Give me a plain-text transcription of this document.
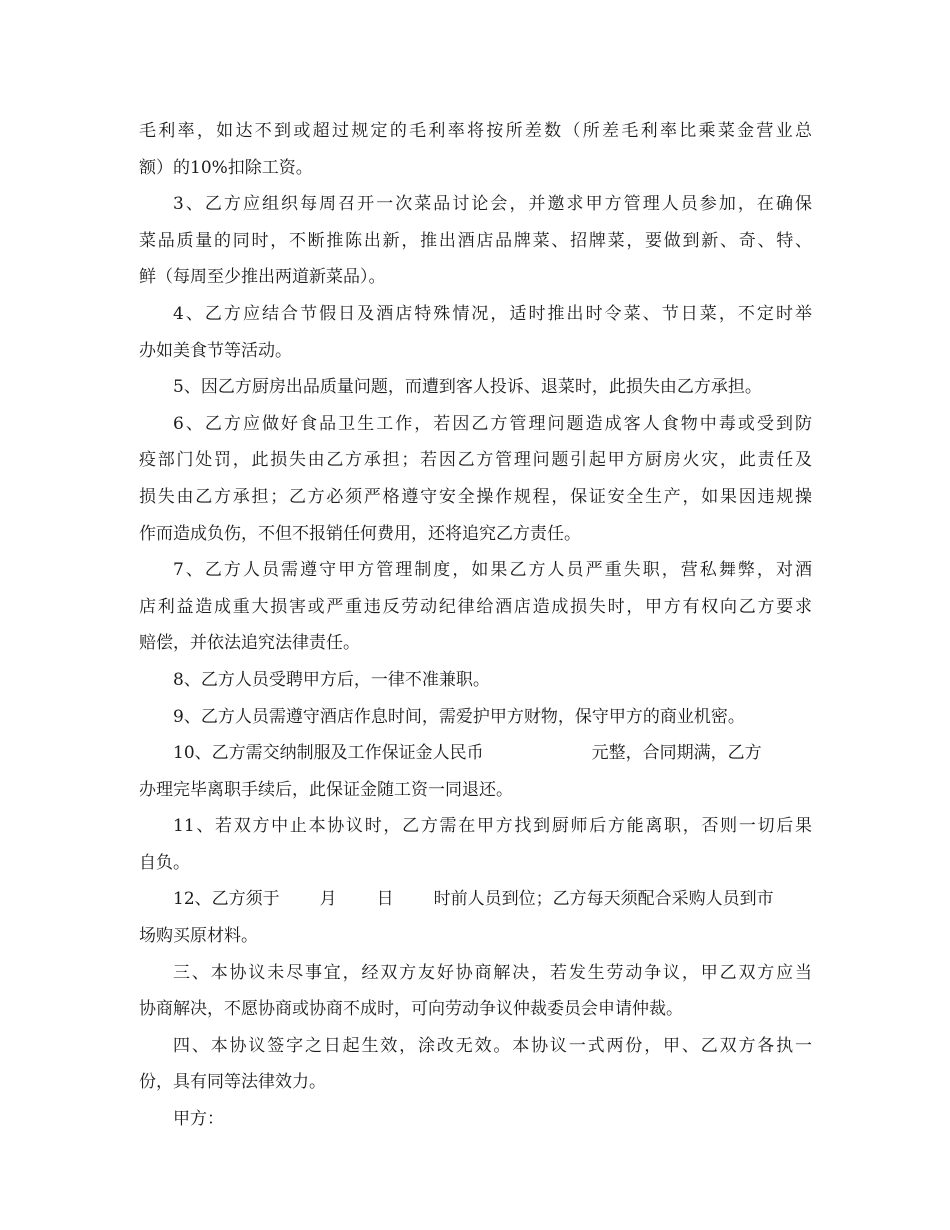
毛利率，如达不到或超过规定的毛利率将按所差数（所差毛利率比乘菜金营业总
额）的10%扣除工资。
3、乙方应组织每周召开一次菜品讨论会，并邀求甲方管理人员参加，在确保
菜品质量的同时，不断推陈出新，推出酒店品牌菜、招牌菜，要做到新、奇、特、
鲜（每周至少推出两道新菜品）。
4、乙方应结合节假日及酒店特殊情况，适时推出时令菜、节日菜，不定时举
办如美食节等活动。
5、因乙方厨房出品质量问题，而遭到客人投诉、退菜时，此损失由乙方承担。
6、乙方应做好食品卫生工作，若因乙方管理问题造成客人食物中毒或受到防
疫部门处罚，此损失由乙方承担；若因乙方管理问题引起甲方厨房火灾，此责任及
损失由乙方承担；乙方必须严格遵守安全操作规程，保证安全生产，如果因违规操
作而造成负伤，不但不报销任何费用，还将追究乙方责任。
7、乙方人员需遵守甲方管理制度，如果乙方人员严重失职，营私舞弊，对酒
店利益造成重大损害或严重违反劳动纪律给酒店造成损失时，甲方有权向乙方要求
赔偿，并依法追究法律责任。
8、乙方人员受聘甲方后，一律不准兼职。
9、乙方人员需遵守酒店作息时间，需爱护甲方财物，保守甲方的商业机密。
10、乙方需交纳制服及工作保证金人民币	元整，合同期满，乙方
办理完毕离职手续后，此保证金随工资一同退还。
11、若双方中止本协议时，乙方需在甲方找到厨师后方能离职，否则一切后果
自负。
12、乙方须于 月 日 时前人员到位；乙方每天须配合采购人员到市
场购买原材料。
三、本协议未尽事宜，经双方友好协商解决，若发生劳动争议，甲乙双方应当
协商解决，不愿协商或协商不成时，可向劳动争议仲裁委员会申请仲裁。
四、本协议签字之日起生效，涂改无效。本协议一式两份，甲、乙双方各执一
份，具有同等法律效力。
甲方：
